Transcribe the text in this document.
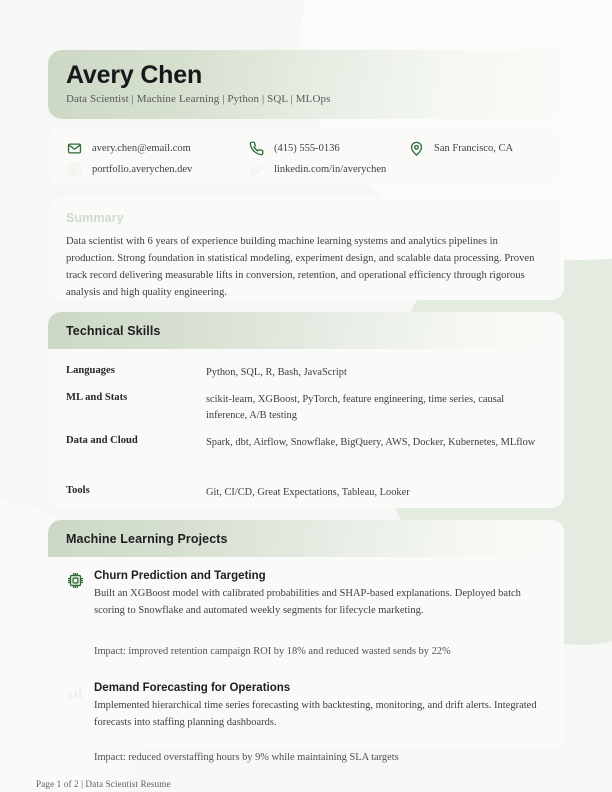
Avery Chen
Data Scientist | Machine Learning | Python | SQL | MLOps
avery.chen@email.com	(415) 555-0136	San Francisco, CA
portfolio.averychen.dev	linkedin.com/in/averychen
Summary
Data scientist with 6 years of experience building machine learning systems and analytics pipelines in production. Strong foundation in statistical modeling, experiment design, and scalable data processing. Proven track record delivering measurable lifts in conversion, retention, and operational efficiency through rigorous analysis and high quality engineering.
Technical Skills
Languages	Python, SQL, R, Bash, JavaScript
ML and Stats	scikit-learn, XGBoost, PyTorch, feature engineering, time series, causal inference, A/B testing
Data and Cloud	Spark, dbt, Airflow, Snowflake, BigQuery, AWS, Docker, Kubernetes, MLflow
Tools	Git, CI/CD, Great Expectations, Tableau, Looker
Machine Learning Projects
Churn Prediction and Targeting
Built an XGBoost model with calibrated probabilities and SHAP-based explanations. Deployed batch scoring to Snowflake and automated weekly segments for lifecycle marketing.
Impact: improved retention campaign ROI by 18% and reduced wasted sends by 22%
Demand Forecasting for Operations
Implemented hierarchical time series forecasting with backtesting, monitoring, and drift alerts. Integrated forecasts into staffing planning dashboards.
Impact: reduced overstaffing hours by 9% while maintaining SLA targets
Page 1 of 2 | Data Scientist Resume
